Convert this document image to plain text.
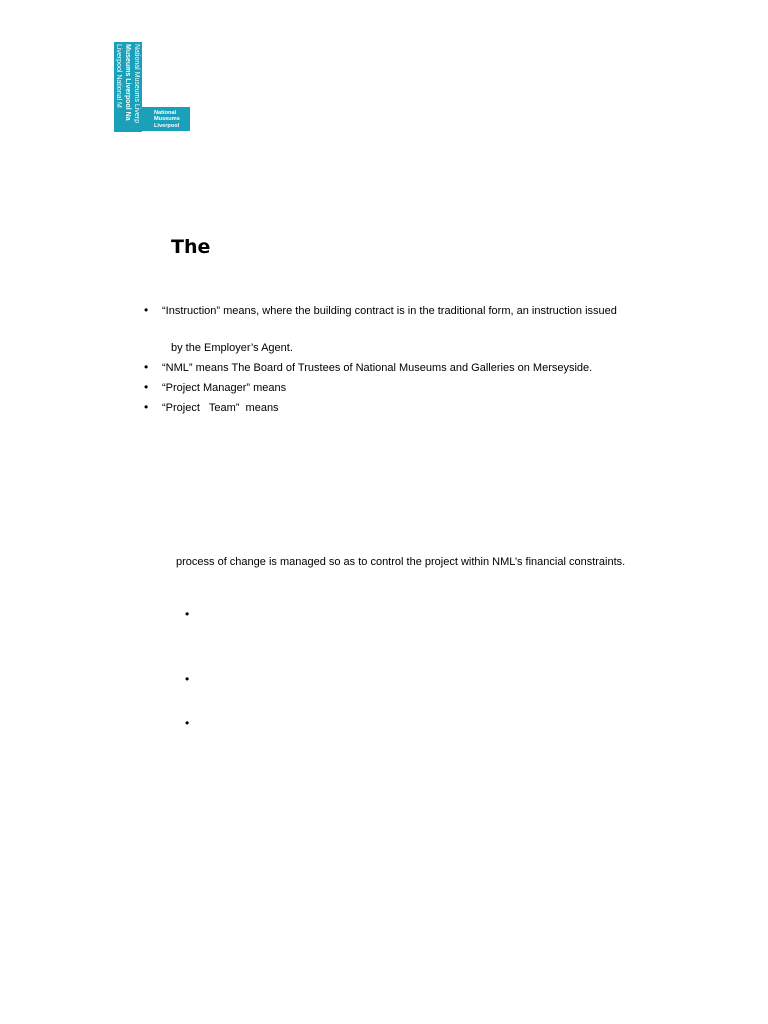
National Museums Liverp
Museums Liverpool Na
Liverpool National M
National
Museums
Liverpool
The
• “Instruction” means, where the building contract is in the traditional form, an instruction issued
by the Employer’s Agent.
• “NML” means The Board of Trustees of National Museums and Galleries on Merseyside.
• “Project Manager” means
• “Project   Team”  means
process of change is managed so as to control the project within NML’s financial constraints.
•
•
•
